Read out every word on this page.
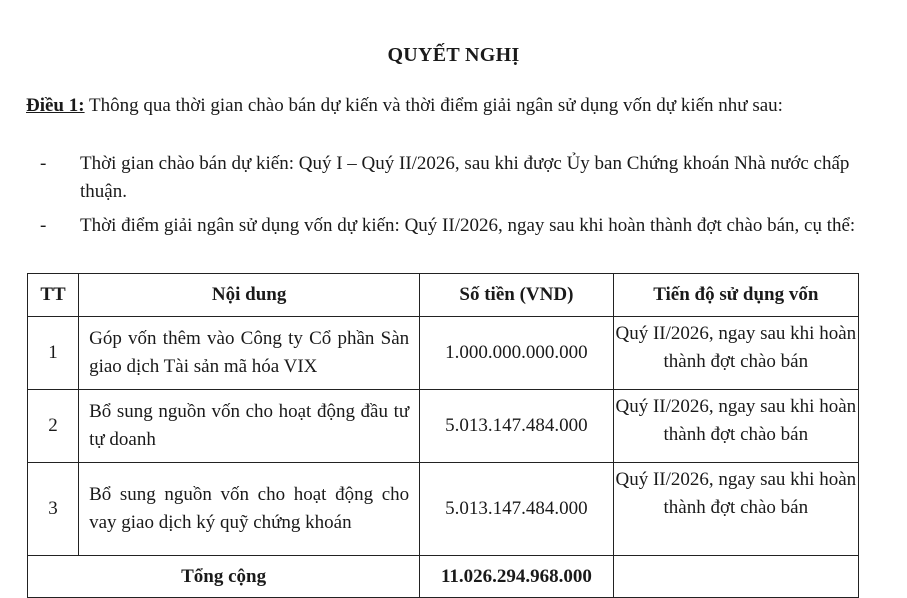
QUYẾT NGHỊ
Điều 1: Thông qua thời gian chào bán dự kiến và thời điểm giải ngân sử dụng vốn dự kiến như sau:
- Thời gian chào bán dự kiến: Quý I – Quý II/2026, sau khi được Ủy ban Chứng khoán Nhà nước chấp thuận.
- Thời điểm giải ngân sử dụng vốn dự kiến: Quý II/2026, ngay sau khi hoàn thành đợt chào bán, cụ thể:
TT	Nội dung	Số tiền (VND)	Tiến độ sử dụng vốn
1	Góp vốn thêm vào Công ty Cổ phần Sàn giao dịch Tài sản mã hóa VIX	1.000.000.000.000	Quý II/2026, ngay sau khi hoàn thành đợt chào bán
2	Bổ sung nguồn vốn cho hoạt động đầu tư tự doanh	5.013.147.484.000	Quý II/2026, ngay sau khi hoàn thành đợt chào bán
3	Bổ sung nguồn vốn cho hoạt động cho vay giao dịch ký quỹ chứng khoán	5.013.147.484.000	Quý II/2026, ngay sau khi hoàn thành đợt chào bán
Tổng cộng		11.026.294.968.000	
